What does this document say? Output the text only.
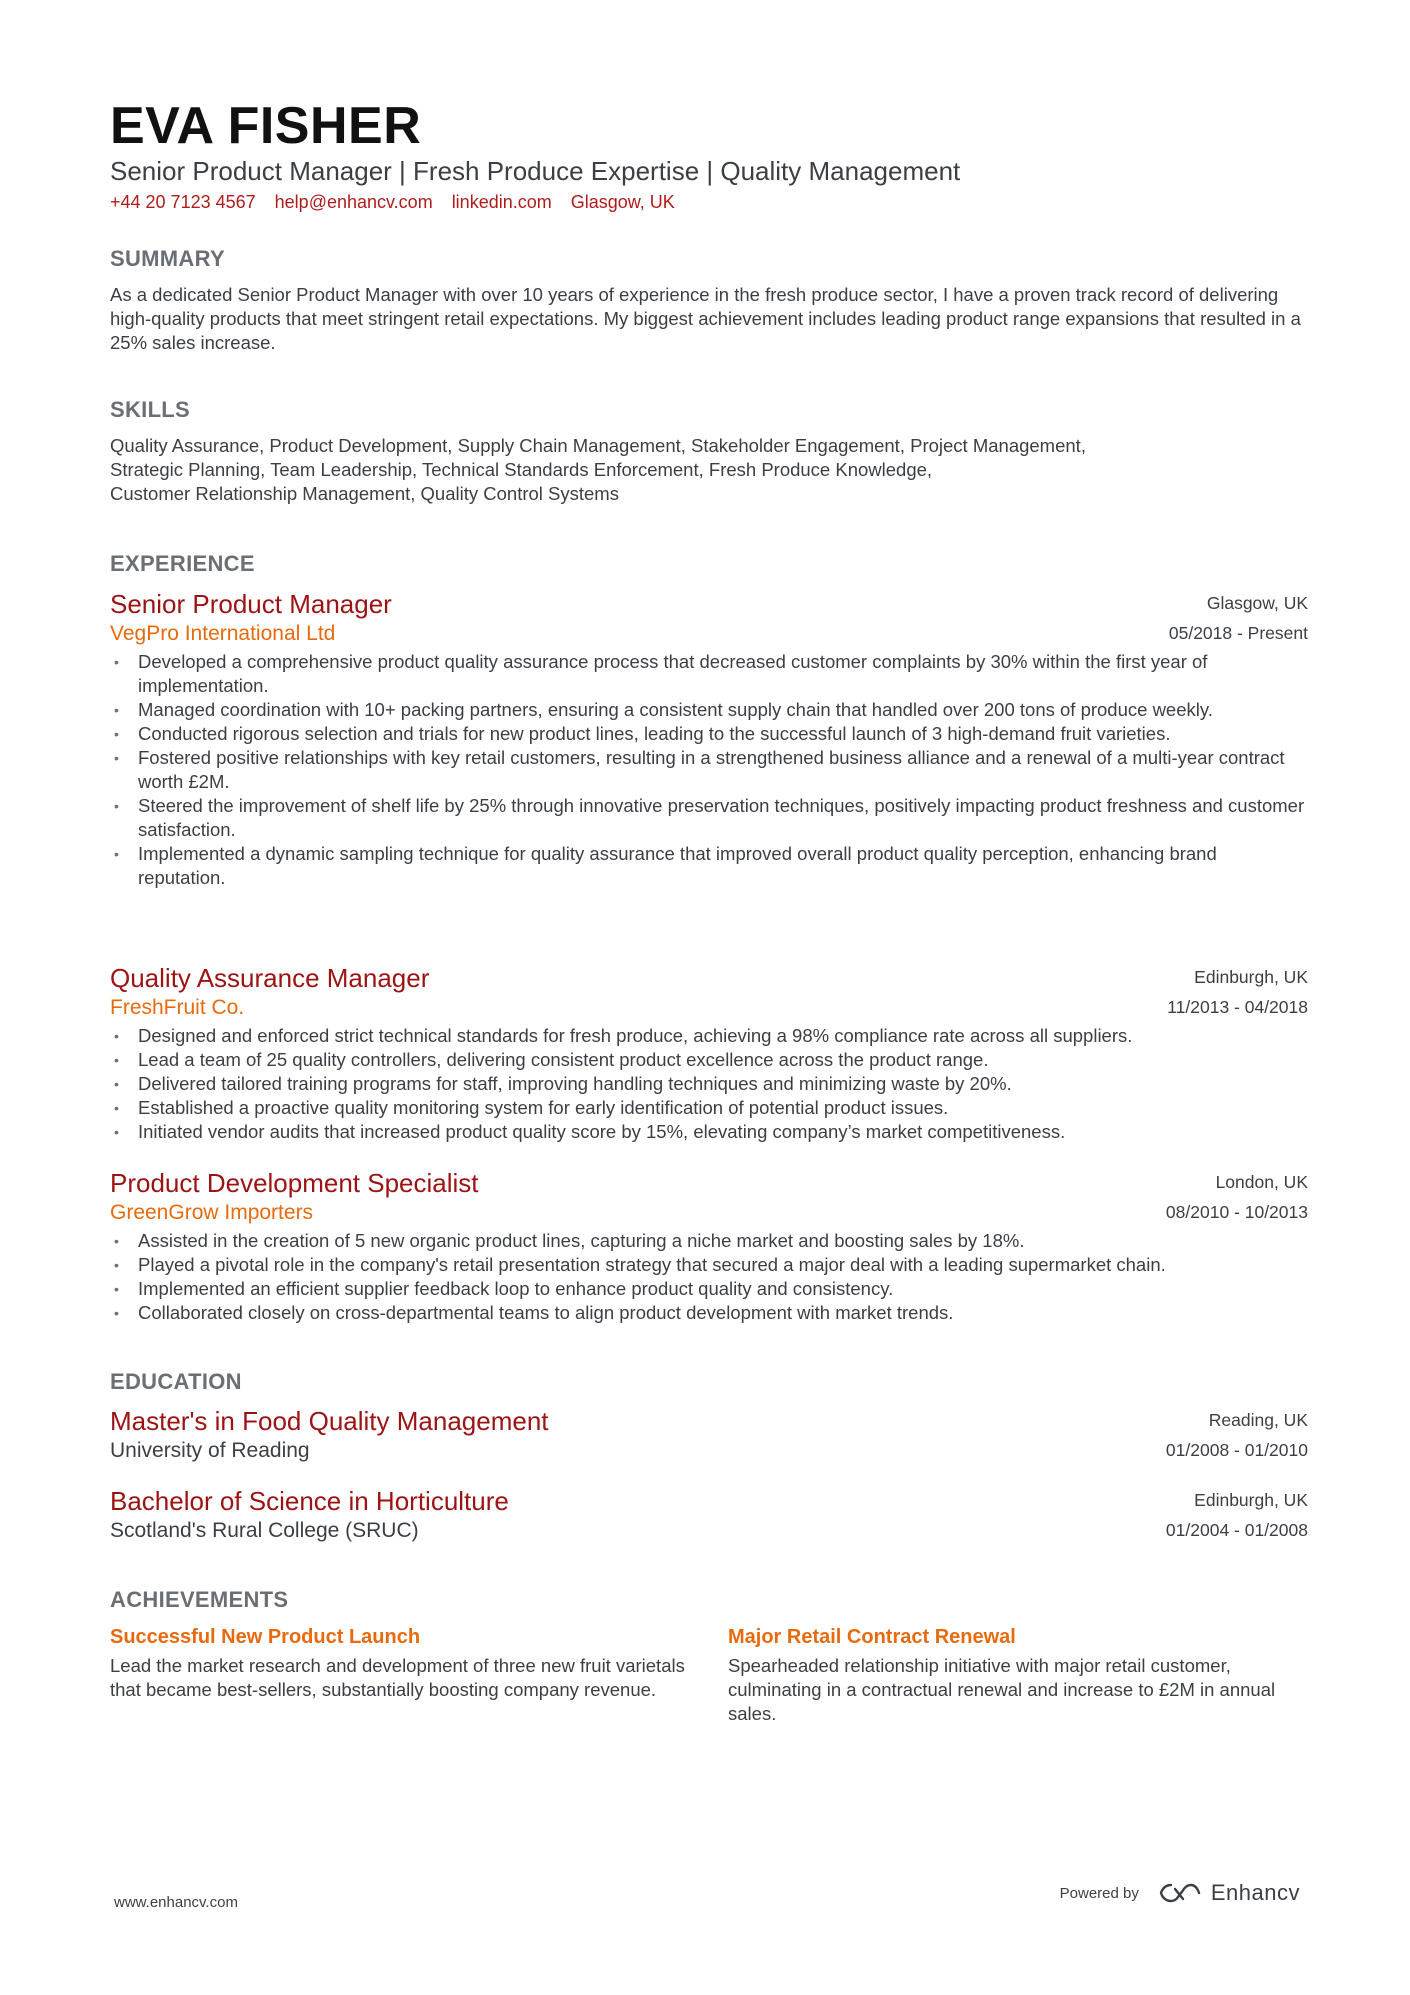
EVA FISHER
Senior Product Manager | Fresh Produce Expertise | Quality Management
+44 20 7123 4567 help@enhancv.com linkedin.com Glasgow, UK
SUMMARY
As a dedicated Senior Product Manager with over 10 years of experience in the fresh produce sector, I have a proven track record of delivering high-quality products that meet stringent retail expectations. My biggest achievement includes leading product range expansions that resulted in a 25% sales increase.
SKILLS
Quality Assurance, Product Development, Supply Chain Management, Stakeholder Engagement, Project Management,
Strategic Planning, Team Leadership, Technical Standards Enforcement, Fresh Produce Knowledge,
Customer Relationship Management, Quality Control Systems
EXPERIENCE
Senior Product Manager
VegPro International Ltd
Glasgow, UK
05/2018 - Present
• Developed a comprehensive product quality assurance process that decreased customer complaints by 30% within the first year of implementation.
• Managed coordination with 10+ packing partners, ensuring a consistent supply chain that handled over 200 tons of produce weekly.
• Conducted rigorous selection and trials for new product lines, leading to the successful launch of 3 high-demand fruit varieties.
• Fostered positive relationships with key retail customers, resulting in a strengthened business alliance and a renewal of a multi-year contract worth £2M.
• Steered the improvement of shelf life by 25% through innovative preservation techniques, positively impacting product freshness and customer satisfaction.
• Implemented a dynamic sampling technique for quality assurance that improved overall product quality perception, enhancing brand reputation.
Quality Assurance Manager
FreshFruit Co.
Edinburgh, UK
11/2013 - 04/2018
• Designed and enforced strict technical standards for fresh produce, achieving a 98% compliance rate across all suppliers.
• Lead a team of 25 quality controllers, delivering consistent product excellence across the product range.
• Delivered tailored training programs for staff, improving handling techniques and minimizing waste by 20%.
• Established a proactive quality monitoring system for early identification of potential product issues.
• Initiated vendor audits that increased product quality score by 15%, elevating company’s market competitiveness.
Product Development Specialist
GreenGrow Importers
London, UK
08/2010 - 10/2013
• Assisted in the creation of 5 new organic product lines, capturing a niche market and boosting sales by 18%.
• Played a pivotal role in the company's retail presentation strategy that secured a major deal with a leading supermarket chain.
• Implemented an efficient supplier feedback loop to enhance product quality and consistency.
• Collaborated closely on cross-departmental teams to align product development with market trends.
EDUCATION
Master's in Food Quality Management
University of Reading
Reading, UK
01/2008 - 01/2010
Bachelor of Science in Horticulture
Scotland's Rural College (SRUC)
Edinburgh, UK
01/2004 - 01/2008
ACHIEVEMENTS
Successful New Product Launch
Lead the market research and development of three new fruit varietals that became best-sellers, substantially boosting company revenue.
Major Retail Contract Renewal
Spearheaded relationship initiative with major retail customer, culminating in a contractual renewal and increase to £2M in annual sales.
www.enhancv.com
Powered by	Enhancv
